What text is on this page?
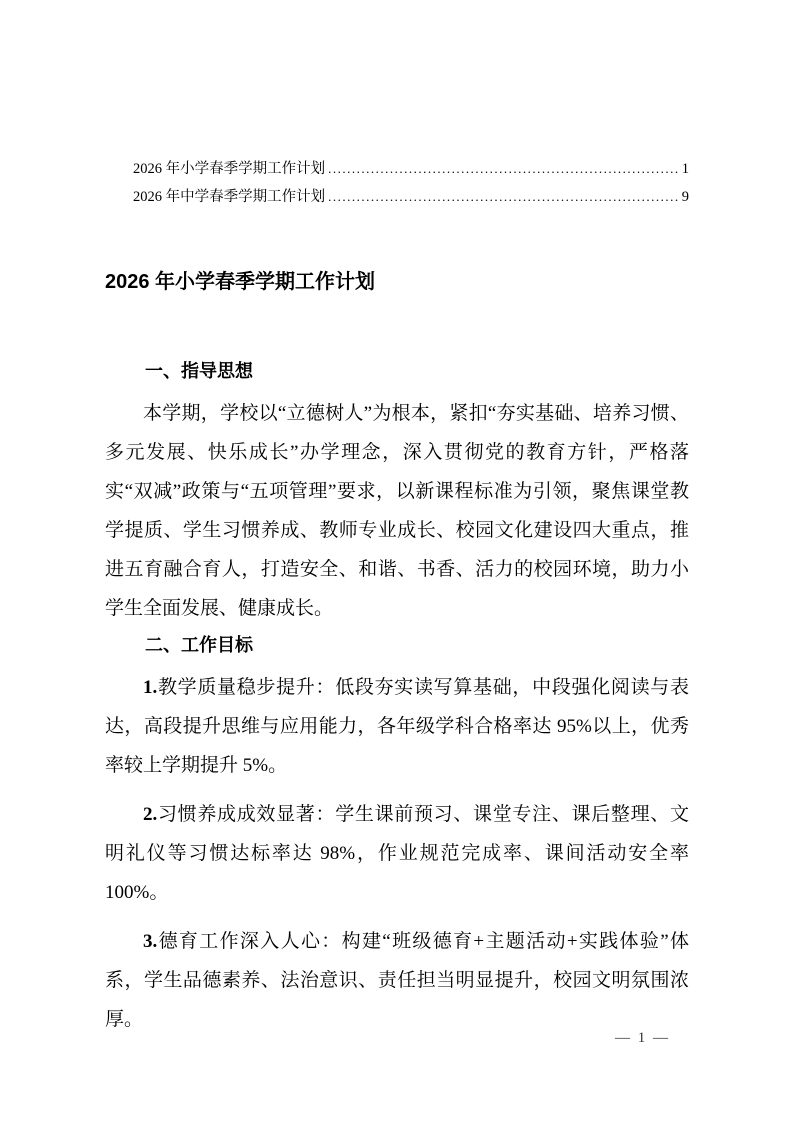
2026 年小学春季学期工作计划 .....	1
2026 年中学春季学期工作计划 .....	9
2026 年小学春季学期工作计划
一、指导思想

本学期，学校以“立德树人”为根本，紧扣“夯实基础、培养习惯、多元发展、快乐成长”办学理念，深入贯彻党的教育方针，严格落实“双减”政策与“五项管理”要求，以新课程标准为引领，聚焦课堂教学提质、学生习惯养成、教师专业成长、校园文化建设四大重点，推进五育融合育人，打造安全、和谐、书香、活力的校园环境，助力小学生全面发展、健康成长。

二、工作目标

1.教学质量稳步提升：低段夯实读写算基础，中段强化阅读与表达，高段提升思维与应用能力，各年级学科合格率达 95%以上，优秀率较上学期提升 5%。

2.习惯养成成效显著：学生课前预习、课堂专注、课后整理、文明礼仪等习惯达标率达 98%，作业规范完成率、课间活动安全率 100%。

3.德育工作深入人心：构建“班级德育+主题活动+实践体验”体系，学生品德素养、法治意识、责任担当明显提升，校园文明氛围浓厚。

— 1 —
